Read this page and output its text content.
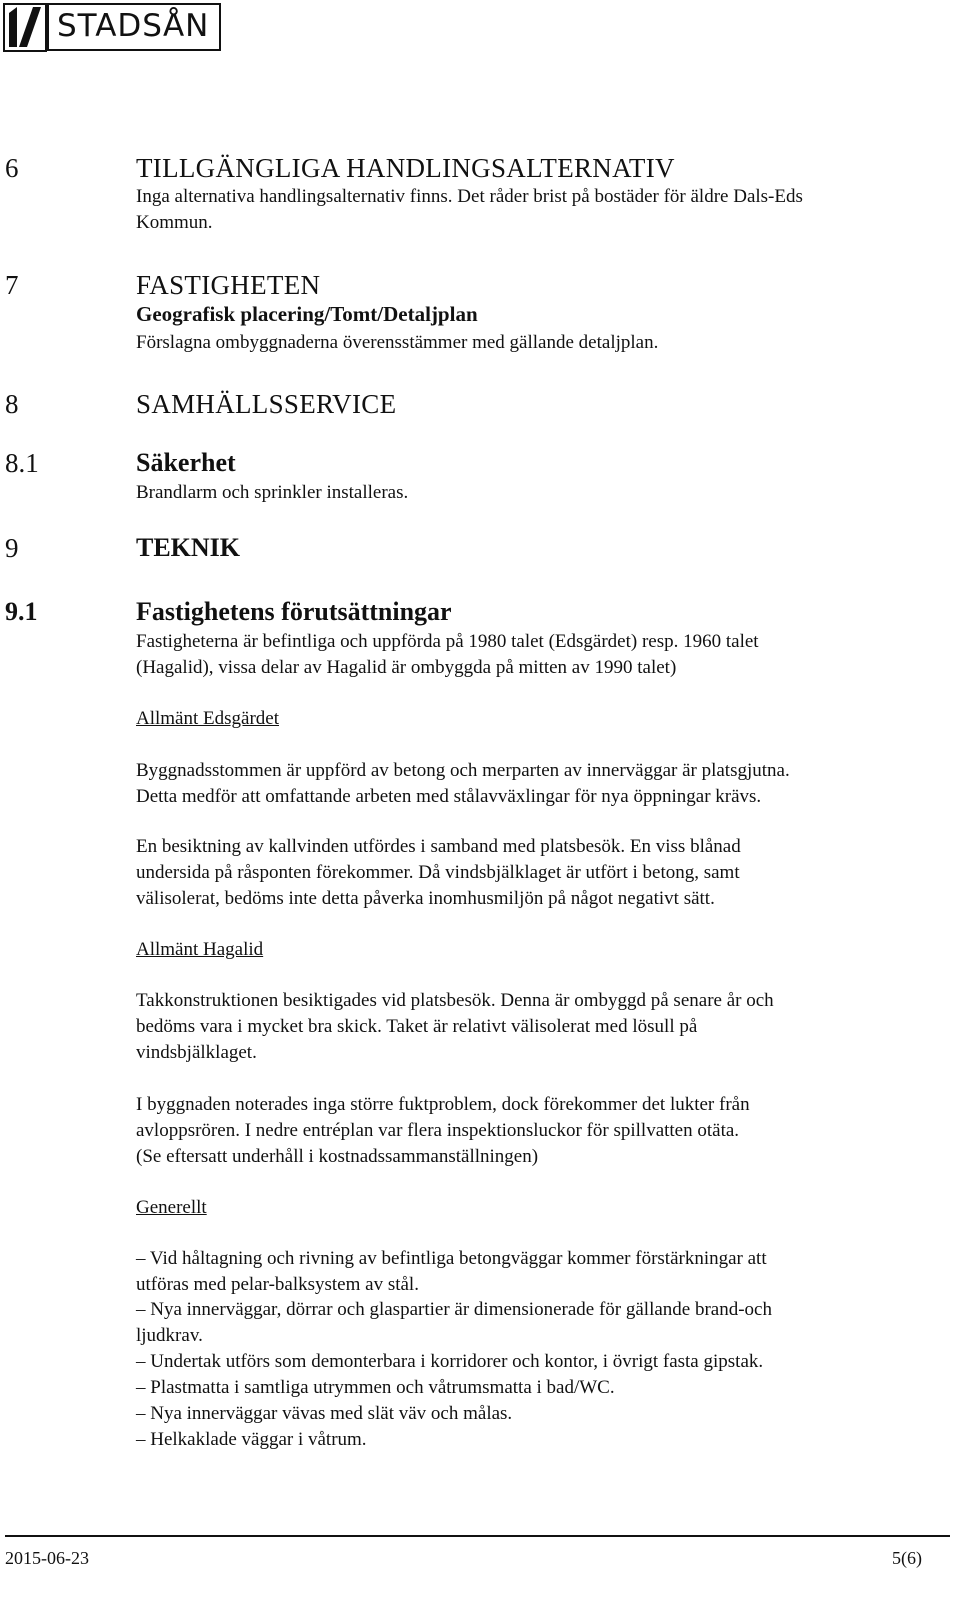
STADSÅN
6	TILLGÄNGLIGA HANDLINGSALTERNATIV
Inga alternativa handlingsalternativ finns. Det råder brist på bostäder för äldre Dals-Eds
Kommun.
7	FASTIGHETEN
Geografisk placering/Tomt/Detaljplan
Förslagna ombyggnaderna överensstämmer med gällande detaljplan.
8	SAMHÄLLSSERVICE
8.1	Säkerhet
Brandlarm och sprinkler installeras.
9	TEKNIK
9.1	Fastighetens förutsättningar
Fastigheterna är befintliga och uppförda på 1980 talet (Edsgärdet) resp. 1960 talet
(Hagalid), vissa delar av Hagalid är ombyggda på mitten av 1990 talet)
Allmänt Edsgärdet
Byggnadsstommen är uppförd av betong och merparten av innerväggar är platsgjutna.
Detta medför att omfattande arbeten med stålavväxlingar för nya öppningar krävs.
En besiktning av kallvinden utfördes i samband med platsbesök. En viss blånad
undersida på råsponten förekommer. Då vindsbjälklaget är utfört i betong, samt
välisolerat, bedöms inte detta påverka inomhusmiljön på något negativt sätt.
Allmänt Hagalid
Takkonstruktionen besiktigades vid platsbesök. Denna är ombyggd på senare år och
bedöms vara i mycket bra skick. Taket är relativt välisolerat med lösull på
vindsbjälklaget.
I byggnaden noterades inga större fuktproblem, dock förekommer det lukter från
avloppsrören. I nedre entréplan var flera inspektionsluckor för spillvatten otäta.
(Se eftersatt underhåll i kostnadssammanställningen)
Generellt
– Vid håltagning och rivning av befintliga betongväggar kommer förstärkningar att
utföras med pelar-balksystem av stål.
– Nya innerväggar, dörrar och glaspartier är dimensionerade för gällande brand-och
ljudkrav.
– Undertak utförs som demonterbara i korridorer och kontor, i övrigt fasta gipstak.
– Plastmatta i samtliga utrymmen och våtrumsmatta i bad/WC.
– Nya innerväggar vävas med slät väv och målas.
– Helkaklade väggar i våtrum.
2015-06-23	5(6)
